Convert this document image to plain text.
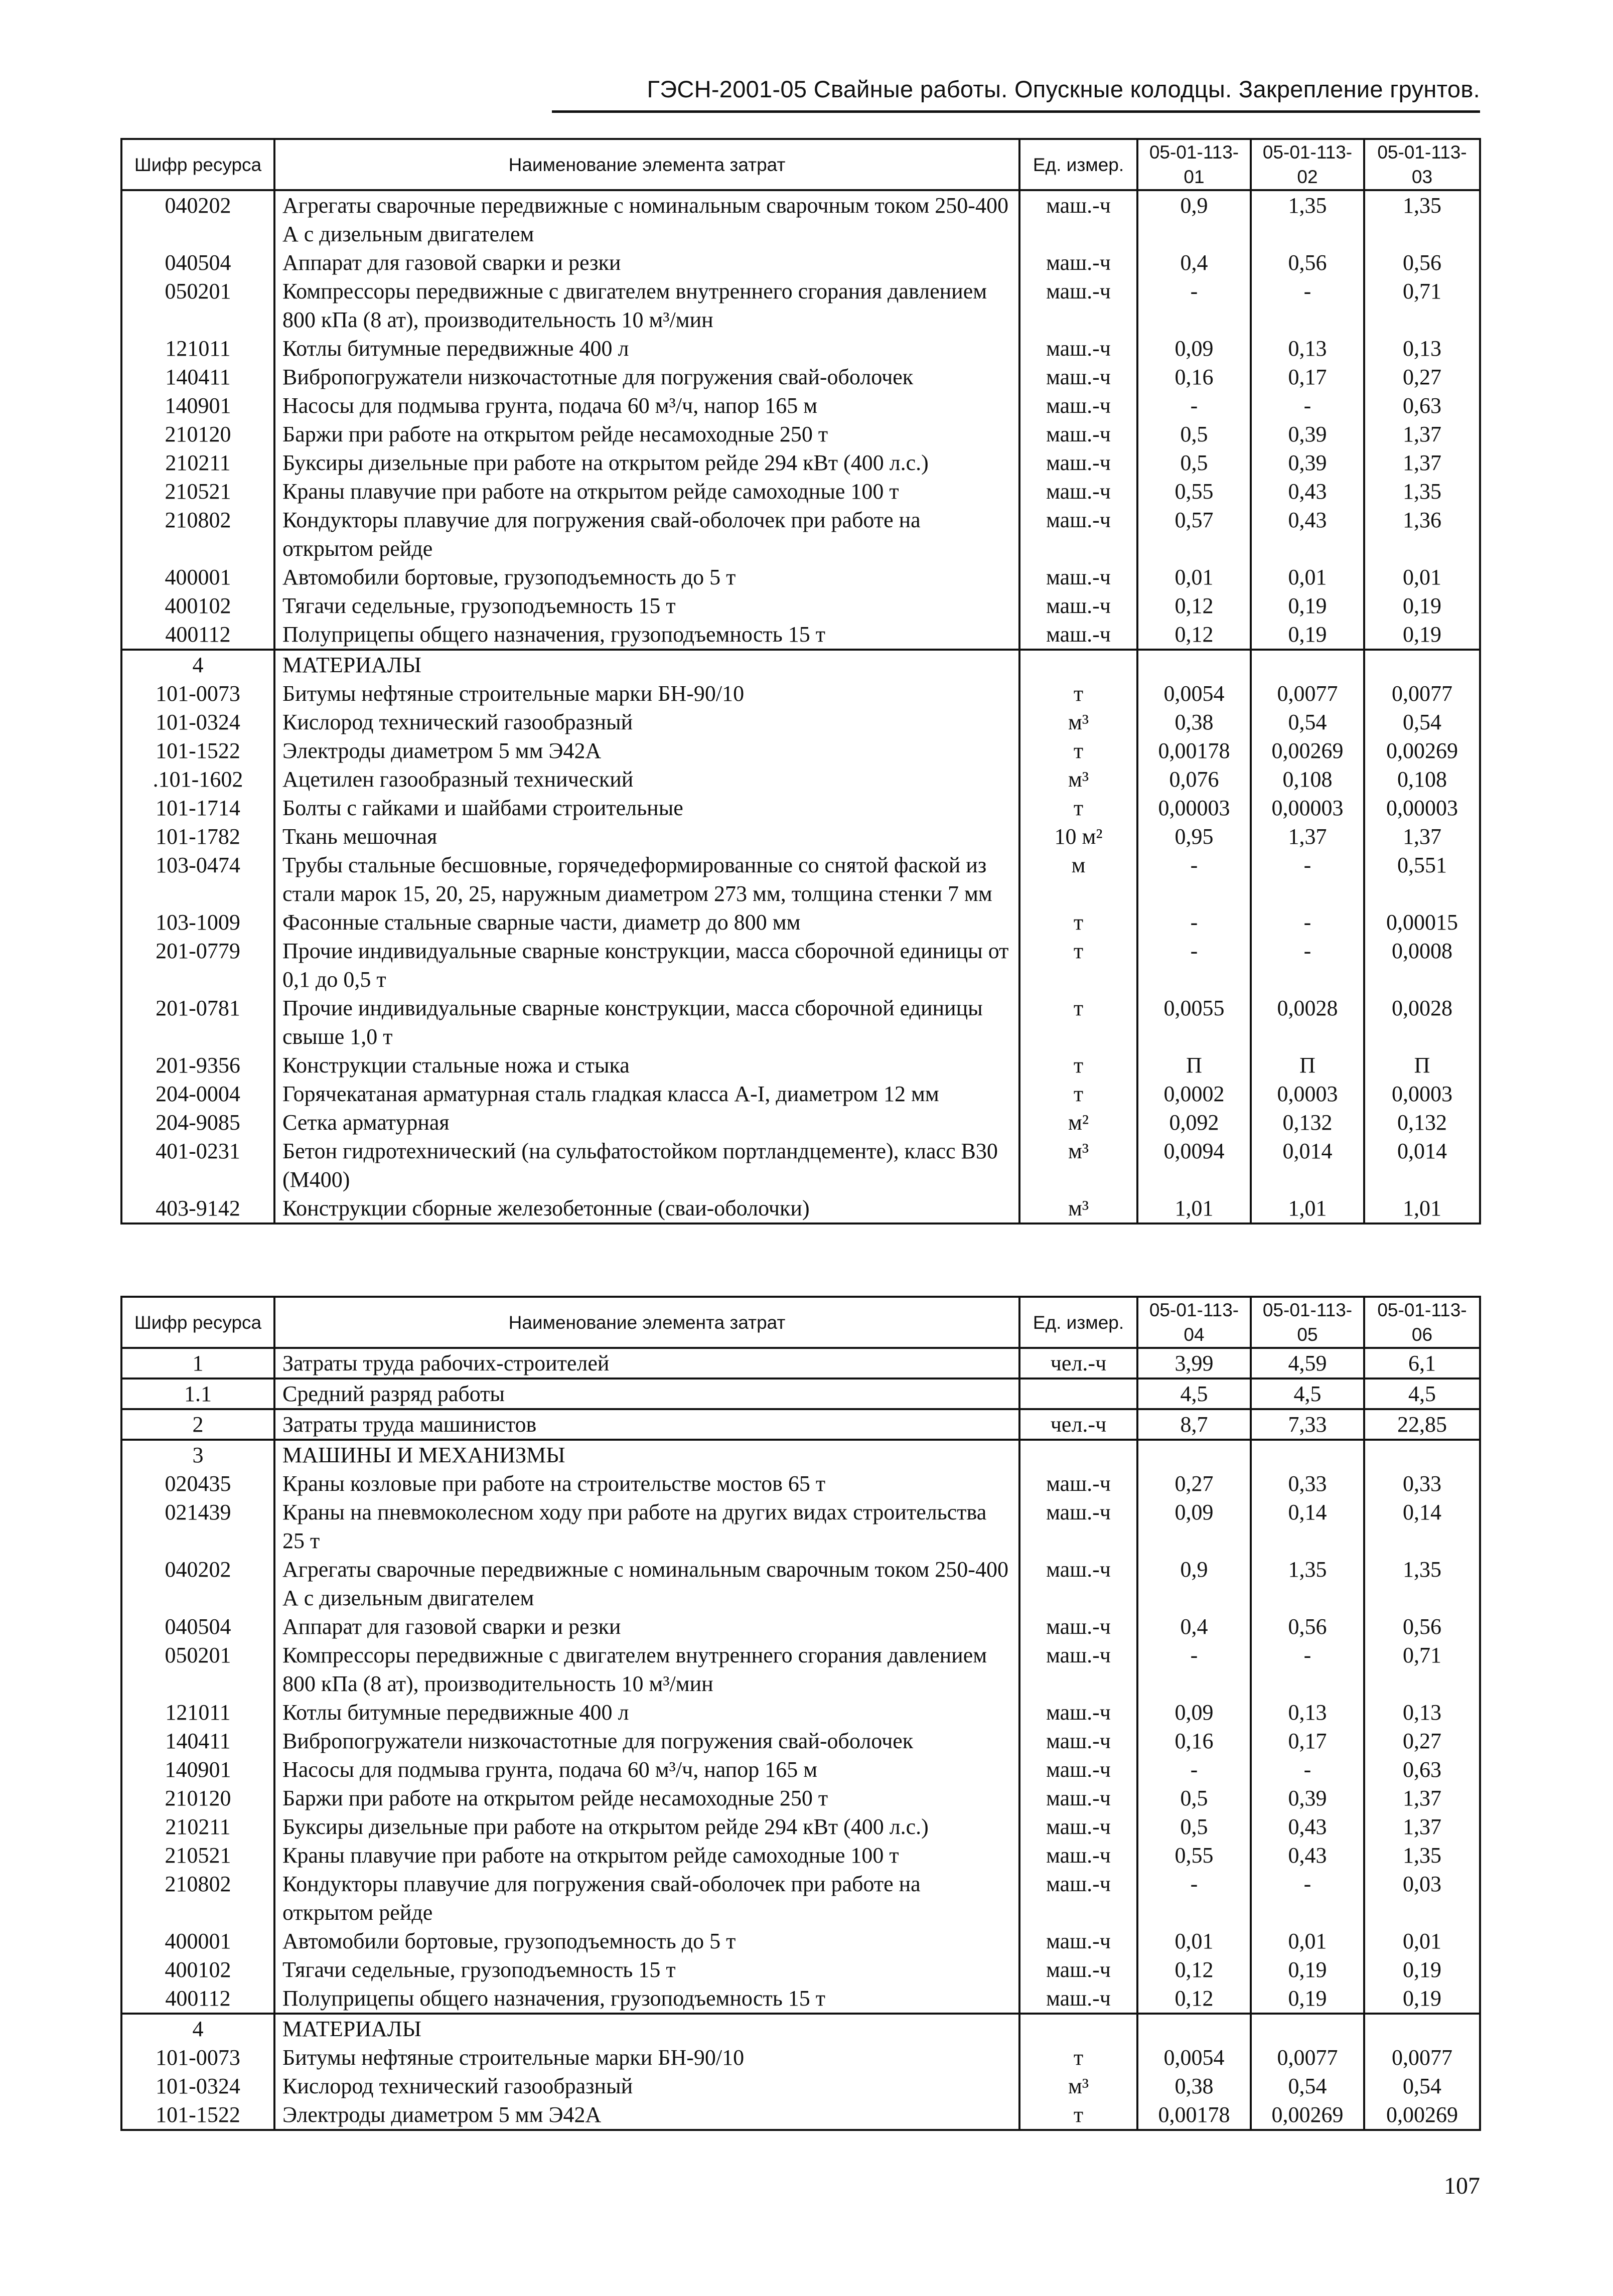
ГЭСН-2001-05 Свайные работы. Опускные колодцы. Закрепление грунтов.
Шифр ресурса	Наименование элемента затрат	Ед. измер.	05-01-113-01	05-01-113-02	05-01-113-03
040202	Агрегаты сварочные передвижные с номинальным сварочным током 250-400 А с дизельным двигателем	маш.-ч	0,9	1,35	1,35
040504	Аппарат для газовой сварки и резки	маш.-ч	0,4	0,56	0,56
050201	Компрессоры передвижные с двигателем внутреннего сгорания давлением 800 кПа (8 ат), производительность 10 м³/мин	маш.-ч	-	-	0,71
121011	Котлы битумные передвижные 400 л	маш.-ч	0,09	0,13	0,13
140411	Вибропогружатели низкочастотные для погружения свай-оболочек	маш.-ч	0,16	0,17	0,27
140901	Насосы для подмыва грунта, подача 60 м³/ч, напор 165 м	маш.-ч	-	-	0,63
210120	Баржи при работе на открытом рейде несамоходные 250 т	маш.-ч	0,5	0,39	1,37
210211	Буксиры дизельные при работе на открытом рейде 294 кВт (400 л.с.)	маш.-ч	0,5	0,39	1,37
210521	Краны плавучие при работе на открытом рейде самоходные 100 т	маш.-ч	0,55	0,43	1,35
210802	Кондукторы плавучие для погружения свай-оболочек при работе на открытом рейде	маш.-ч	0,57	0,43	1,36
400001	Автомобили бортовые, грузоподъемность до 5 т	маш.-ч	0,01	0,01	0,01
400102	Тягачи седельные, грузоподъемность 15 т	маш.-ч	0,12	0,19	0,19
400112	Полуприцепы общего назначения, грузоподъемность 15 т	маш.-ч	0,12	0,19	0,19
4	МАТЕРИАЛЫ				
101-0073	Битумы нефтяные строительные марки БН-90/10	т	0,0054	0,0077	0,0077
101-0324	Кислород технический газообразный	м³	0,38	0,54	0,54
101-1522	Электроды диаметром 5 мм Э42А	т	0,00178	0,00269	0,00269
.101-1602	Ацетилен газообразный технический	м³	0,076	0,108	0,108
101-1714	Болты с гайками и шайбами строительные	т	0,00003	0,00003	0,00003
101-1782	Ткань мешочная	10 м²	0,95	1,37	1,37
103-0474	Трубы стальные бесшовные, горячедеформированные со снятой фаской из стали марок 15, 20, 25, наружным диаметром 273 мм, толщина стенки 7 мм	м	-	-	0,551
103-1009	Фасонные стальные сварные части, диаметр до 800 мм	т	-	-	0,00015
201-0779	Прочие индивидуальные сварные конструкции, масса сборочной единицы от 0,1 до 0,5 т	т	-	-	0,0008
201-0781	Прочие индивидуальные сварные конструкции, масса сборочной единицы свыше 1,0 т	т	0,0055	0,0028	0,0028
201-9356	Конструкции стальные ножа и стыка	т	П	П	П
204-0004	Горячекатаная арматурная сталь гладкая класса А-I, диаметром 12 мм	т	0,0002	0,0003	0,0003
204-9085	Сетка арматурная	м²	0,092	0,132	0,132
401-0231	Бетон гидротехнический (на сульфатостойком портландцементе), класс В30 (М400)	м³	0,0094	0,014	0,014
403-9142	Конструкции сборные железобетонные (сваи-оболочки)	м³	1,01	1,01	1,01
Шифр ресурса	Наименование элемента затрат	Ед. измер.	05-01-113-04	05-01-113-05	05-01-113-06
1	Затраты труда рабочих-строителей	чел.-ч	3,99	4,59	6,1
1.1	Средний разряд работы		4,5	4,5	4,5
2	Затраты труда машинистов	чел.-ч	8,7	7,33	22,85
3	МАШИНЫ И МЕХАНИЗМЫ				
020435	Краны козловые при работе на строительстве мостов 65 т	маш.-ч	0,27	0,33	0,33
021439	Краны на пневмоколесном ходу при работе на других видах строительства 25 т	маш.-ч	0,09	0,14	0,14
040202	Агрегаты сварочные передвижные с номинальным сварочным током 250-400 А с дизельным двигателем	маш.-ч	0,9	1,35	1,35
040504	Аппарат для газовой сварки и резки	маш.-ч	0,4	0,56	0,56
050201	Компрессоры передвижные с двигателем внутреннего сгорания давлением 800 кПа (8 ат), производительность 10 м³/мин	маш.-ч	-	-	0,71
121011	Котлы битумные передвижные 400 л	маш.-ч	0,09	0,13	0,13
140411	Вибропогружатели низкочастотные для погружения свай-оболочек	маш.-ч	0,16	0,17	0,27
140901	Насосы для подмыва грунта, подача 60 м³/ч, напор 165 м	маш.-ч	-	-	0,63
210120	Баржи при работе на открытом рейде несамоходные 250 т	маш.-ч	0,5	0,39	1,37
210211	Буксиры дизельные при работе на открытом рейде 294 кВт (400 л.с.)	маш.-ч	0,5	0,43	1,37
210521	Краны плавучие при работе на открытом рейде самоходные 100 т	маш.-ч	0,55	0,43	1,35
210802	Кондукторы плавучие для погружения свай-оболочек при работе на открытом рейде	маш.-ч	-	-	0,03
400001	Автомобили бортовые, грузоподъемность до 5 т	маш.-ч	0,01	0,01	0,01
400102	Тягачи седельные, грузоподъемность 15 т	маш.-ч	0,12	0,19	0,19
400112	Полуприцепы общего назначения, грузоподъемность 15 т	маш.-ч	0,12	0,19	0,19
4	МАТЕРИАЛЫ				
101-0073	Битумы нефтяные строительные марки БН-90/10	т	0,0054	0,0077	0,0077
101-0324	Кислород технический газообразный	м³	0,38	0,54	0,54
101-1522	Электроды диаметром 5 мм Э42А	т	0,00178	0,00269	0,00269
107
